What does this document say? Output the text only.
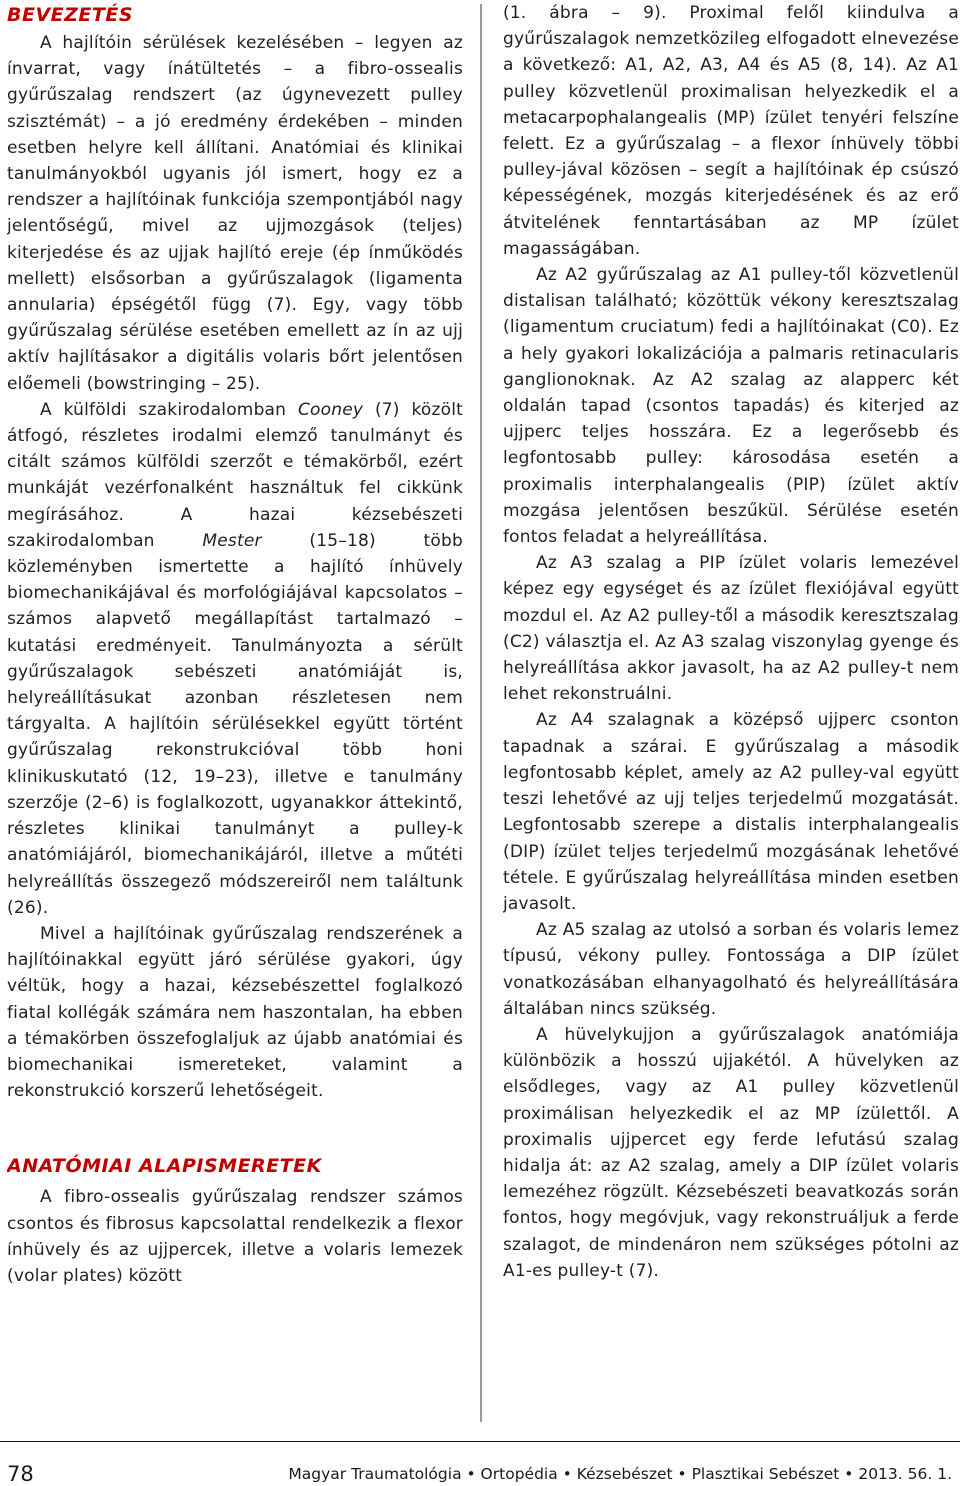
BEVEZETÉS

A hajlítóin sérülések kezelésében – legyen az ínvarrat, vagy ínátültetés – a fibro-ossealis gyűrűszalag rendszert (az úgynevezett pulley szisztémát) – a jó eredmény érdekében – minden esetben helyre kell állítani. Anatómiai és klinikai tanulmányokból ugyanis jól ismert, hogy ez a rendszer a hajlítóinak funkciója szempontjából nagy jelentőségű, mivel az ujjmozgások (teljes) kiterjedése és az ujjak hajlító ereje (ép ínműködés mellett) elsősorban a gyűrűszalagok (ligamenta annularia) épségétől függ (7). Egy, vagy több gyűrűszalag sérülése esetében emellett az ín az ujj aktív hajlításakor a digitális volaris bőrt jelentősen előemeli (bowstringing – 25).

A külföldi szakirodalomban Cooney (7) közölt átfogó, részletes irodalmi elemző tanulmányt és citált számos külföldi szerzőt e témakörből, ezért munkáját vezérfonalként használtuk fel cikkünk megírásához. A hazai kézsebészeti szakirodalomban Mester (15–18) több közleményben ismertette a hajlító ínhüvely biomechanikájával és morfológiájával kapcsolatos – számos alapvető megállapítást tartalmazó – kutatási eredményeit. Tanulmányozta a sérült gyűrűszalagok sebészeti anatómiáját is, helyreállításukat azonban részletesen nem tárgyalta. A hajlítóin sérülésekkel együtt történt gyűrűszalag rekonstrukcióval több honi klinikuskutató (12, 19–23), illetve e tanulmány szerzője (2–6) is foglalkozott, ugyanakkor áttekintő, részletes klinikai tanulmányt a pulley-k anatómiájáról, biomechanikájáról, illetve a műtéti helyreállítás összegező módszereiről nem találtunk (26).

Mivel a hajlítóinak gyűrűszalag rendszerének a hajlítóinakkal együtt járó sérülése gyakori, úgy véltük, hogy a hazai, kézsebészettel foglalkozó fiatal kollégák számára nem haszontalan, ha ebben a témakörben összefoglaljuk az újabb anatómiai és biomechanikai ismereteket, valamint a rekonstrukció korszerű lehetőségeit.

ANATÓMIAI ALAPISMERETEK

A fibro-ossealis gyűrűszalag rendszer számos csontos és fibrosus kapcsolattal rendelkezik a flexor ínhüvely és az ujjpercek, illetve a volaris lemezek (volar plates) között

(1. ábra – 9). Proximal felől kiindulva a gyűrűszalagok nemzetközileg elfogadott elnevezése a következő: A1, A2, A3, A4 és A5 (8, 14). Az A1 pulley közvetlenül proximalisan helyezkedik el a metacarpophalangealis (MP) ízület tenyéri felszíne felett. Ez a gyűrűszalag – a flexor ínhüvely többi pulley-jával közösen – segít a hajlítóinak ép csúszó képességének, mozgás kiterjedésének és az erő átvitelének fenntartásában az MP ízület magasságában.

Az A2 gyűrűszalag az A1 pulley-től közvetlenül distalisan található; közöttük vékony keresztszalag (ligamentum cruciatum) fedi a hajlítóinakat (C0). Ez a hely gyakori lokalizációja a palmaris retinacularis ganglionoknak. Az A2 szalag az alapperc két oldalán tapad (csontos tapadás) és kiterjed az ujjperc teljes hosszára. Ez a legerősebb és legfontosabb pulley: károsodása esetén a proximalis interphalangealis (PIP) ízület aktív mozgása jelentősen beszűkül. Sérülése esetén fontos feladat a helyreállítása.

Az A3 szalag a PIP ízület volaris lemezével képez egy egységet és az ízület flexiójával együtt mozdul el. Az A2 pulley-től a második keresztszalag (C2) választja el. Az A3 szalag viszonylag gyenge és helyreállítása akkor javasolt, ha az A2 pulley-t nem lehet rekonstruálni.

Az A4 szalagnak a középső ujjperc csonton tapadnak a szárai. E gyűrűszalag a második legfontosabb képlet, amely az A2 pulley-val együtt teszi lehetővé az ujj teljes terjedelmű mozgatását. Legfontosabb szerepe a distalis interphalangealis (DIP) ízület teljes terjedelmű mozgásának lehetővé tétele. E gyűrűszalag helyreállítása minden esetben javasolt.

Az A5 szalag az utolsó a sorban és volaris lemez típusú, vékony pulley. Fontossága a DIP ízület vonatkozásában elhanyagolható és helyreállítására általában nincs szükség.

A hüvelykujjon a gyűrűszalagok anatómiája különbözik a hosszú ujjakétól. A hüvelyken az elsődleges, vagy az A1 pulley közvetlenül proximálisan helyezkedik el az MP ízülettől. A proximalis ujjpercet egy ferde lefutású szalag hidalja át: az A2 szalag, amely a DIP ízület volaris lemezéhez rögzült. Kézsebészeti beavatkozás során fontos, hogy megóvjuk, vagy rekonstruáljuk a ferde szalagot, de mindenáron nem szükséges pótolni az A1-es pulley-t (7).

78	Magyar Traumatológia • Ortopédia • Kézsebészet • Plasztikai Sebészet • 2013. 56. 1.
